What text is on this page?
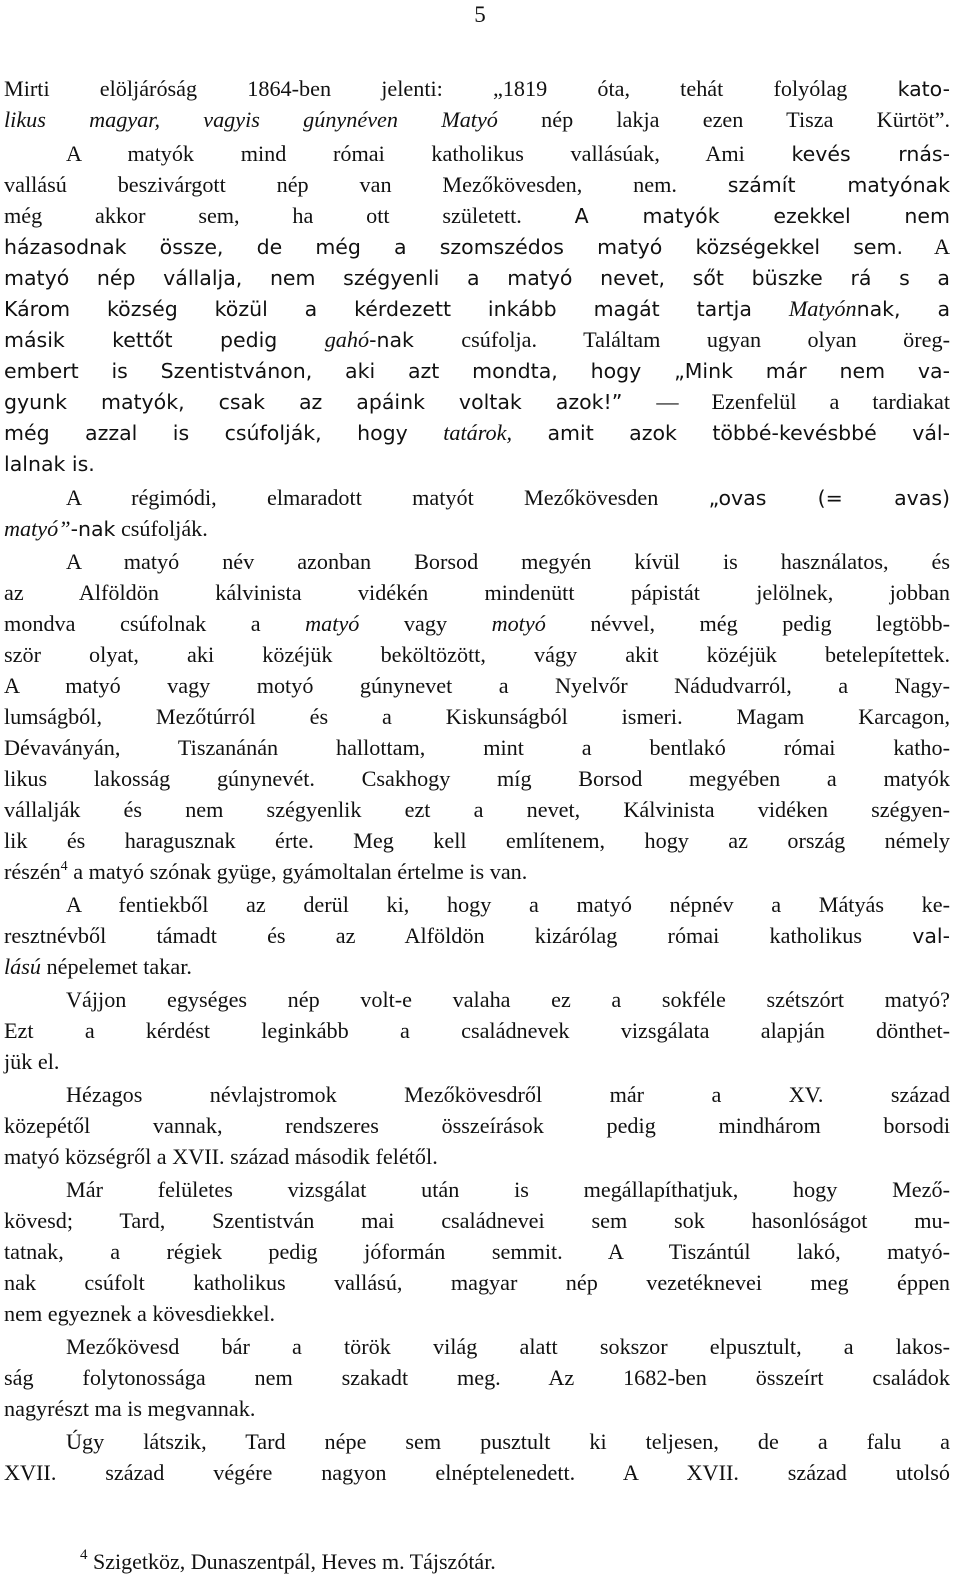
5
Mirti elöljáróság 1864-ben jelenti: „1819 óta, tehát folyólag kato-
likus magyar, vagyis gúnynéven Matyó nép lakja ezen Tisza Kürtöt”.
A matyók mind római katholikus vallásúak, Ami kevés rnás-
vallású beszivárgott nép van Mezőkövesden, nem. számít matyónak
még akkor sem, ha ott született. A matyók ezekkel nem
házasodnak össze, de még a szomszédos matyó községekkel sem. A
matyó nép vállalja, nem szégyenli a matyó nevet, sőt büszke rá s a
Károm község közül a kérdezett inkább magát tartja Matyónnak, a
másik kettőt pedig gahó-nak csúfolja. Találtam ugyan olyan öreg-
embert is Szentistvánon, aki azt mondta, hogy „Mink már nem va-
gyunk matyók, csak az apáink voltak azok!” — Ezenfelül a tardiakat
még azzal is csúfolják, hogy tatárok, amit azok többé-kevésbbé vál-
lalnak is.
A régimódi, elmaradott matyót Mezőkövesden „ovas (= avas)
matyó”-nak csúfolják.
A matyó név azonban Borsod megyén kívül is használatos, és
az Alföldön kálvinista vidékén mindenütt pápistát jelölnek, jobban
mondva csúfolnak a matyó vagy motyó névvel, még pedig legtöbb-
ször olyat, aki közéjük beköltözött, vágy akit közéjük betelepítettek.
A matyó vagy motyó gúnynevet a Nyelvőr Nádudvarról, a Nagy-
lumságból, Mezőtúrról és a Kiskunságból ismeri. Magam Karcagon,
Dévaványán, Tiszanánán hallottam, mint a bentlakó római katho-
likus lakosság gúnynevét. Csakhogy míg Borsod megyében a matyók
vállalják és nem szégyenlik ezt a nevet, Kálvinista vidéken szégyen-
lik és haragusznak érte. Meg kell említenem, hogy az ország némely
részén$^4$ a matyó szónak gyüge, gyámoltalan értelme is van.
A fentiekből az derül ki, hogy a matyó népnév a Mátyás ke-
resztnévből támadt és az Alföldön kizárólag római katholikus val-
lású népelemet takar.
Vájjon egységes nép volt-e valaha ez a sokféle szétszórt matyó?
Ezt a kérdést leginkább a családnevek vizsgálata alapján dönthet-
jük el.
Hézagos névlajstromok Mezőkövesdről már a XV. század
közepétől vannak, rendszeres összeírások pedig mindhárom borsodi
matyó községről a XVII. század második felétől.
Már felületes vizsgálat után is megállapíthatjuk, hogy Mező-
kövesd; Tard, Szentistván mai családnevei sem sok hasonlóságot mu-
tatnak, a régiek pedig jóformán semmit. A Tiszántúl lakó, matyó-
nak csúfolt katholikus vallású, magyar nép vezetéknevei meg éppen
nem egyeznek a kövesdiekkel.
Mezőkövesd bár a török világ alatt sokszor elpusztult, a lakos-
ság folytonossága nem szakadt meg. Az 1682-ben összeírt családok
nagyrészt ma is megvannak.
Úgy látszik, Tard népe sem pusztult ki teljesen, de a falu a
XVII. század végére nagyon elnéptelenedett. A XVII. század utolsó
$^4$ Szigetköz, Dunaszentpál, Heves m. Tájszótár.
